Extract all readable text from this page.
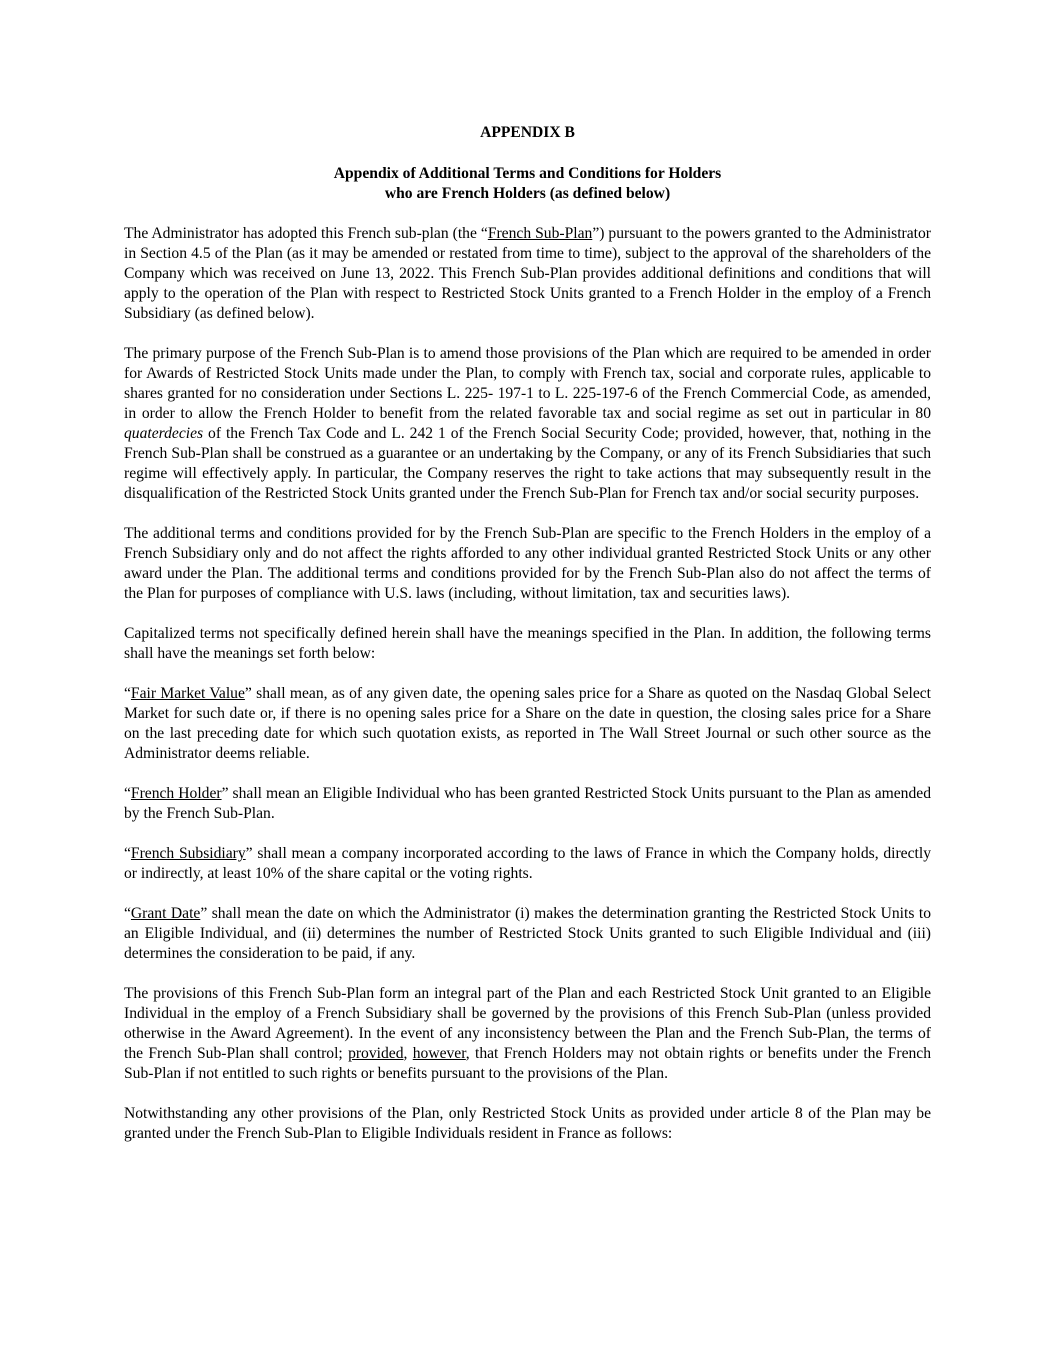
APPENDIX B
Appendix of Additional Terms and Conditions for Holders
who are French Holders (as defined below)

The Administrator has adopted this French sub-plan (the “French Sub-Plan”) pursuant to the powers granted to the Administrator in Section 4.5 of the Plan (as it may be amended or restated from time to time), subject to the approval of the shareholders of the Company which was received on June 13, 2022. This French Sub-Plan provides additional definitions and conditions that will apply to the operation of the Plan with respect to Restricted Stock Units granted to a French Holder in the employ of a French Subsidiary (as defined below).

The primary purpose of the French Sub-Plan is to amend those provisions of the Plan which are required to be amended in order for Awards of Restricted Stock Units made under the Plan, to comply with French tax, social and corporate rules, applicable to shares granted for no consideration under Sections L. 225- 197-1 to L. 225-197-6 of the French Commercial Code, as amended, in order to allow the French Holder to benefit from the related favorable tax and social regime as set out in particular in 80 quaterdecies of the French Tax Code and L. 242 1 of the French Social Security Code; provided, however, that, nothing in the French Sub-Plan shall be construed as a guarantee or an undertaking by the Company, or any of its French Subsidiaries that such regime will effectively apply. In particular, the Company reserves the right to take actions that may subsequently result in the disqualification of the Restricted Stock Units granted under the French Sub-Plan for French tax and/or social security purposes.

The additional terms and conditions provided for by the French Sub-Plan are specific to the French Holders in the employ of a French Subsidiary only and do not affect the rights afforded to any other individual granted Restricted Stock Units or any other award under the Plan. The additional terms and conditions provided for by the French Sub-Plan also do not affect the terms of the Plan for purposes of compliance with U.S. laws (including, without limitation, tax and securities laws).

Capitalized terms not specifically defined herein shall have the meanings specified in the Plan. In addition, the following terms shall have the meanings set forth below:

“Fair Market Value” shall mean, as of any given date, the opening sales price for a Share as quoted on the Nasdaq Global Select Market for such date or, if there is no opening sales price for a Share on the date in question, the closing sales price for a Share on the last preceding date for which such quotation exists, as reported in The Wall Street Journal or such other source as the Administrator deems reliable.

“French Holder” shall mean an Eligible Individual who has been granted Restricted Stock Units pursuant to the Plan as amended by the French Sub-Plan.

“French Subsidiary” shall mean a company incorporated according to the laws of France in which the Company holds, directly or indirectly, at least 10% of the share capital or the voting rights.

“Grant Date” shall mean the date on which the Administrator (i) makes the determination granting the Restricted Stock Units to an Eligible Individual, and (ii) determines the number of Restricted Stock Units granted to such Eligible Individual and (iii) determines the consideration to be paid, if any.

The provisions of this French Sub-Plan form an integral part of the Plan and each Restricted Stock Unit granted to an Eligible Individual in the employ of a French Subsidiary shall be governed by the provisions of this French Sub-Plan (unless provided otherwise in the Award Agreement). In the event of any inconsistency between the Plan and the French Sub-Plan, the terms of the French Sub-Plan shall control; provided, however, that French Holders may not obtain rights or benefits under the French Sub-Plan if not entitled to such rights or benefits pursuant to the provisions of the Plan.

Notwithstanding any other provisions of the Plan, only Restricted Stock Units as provided under article 8 of the Plan may be granted under the French Sub-Plan to Eligible Individuals resident in France as follows:
